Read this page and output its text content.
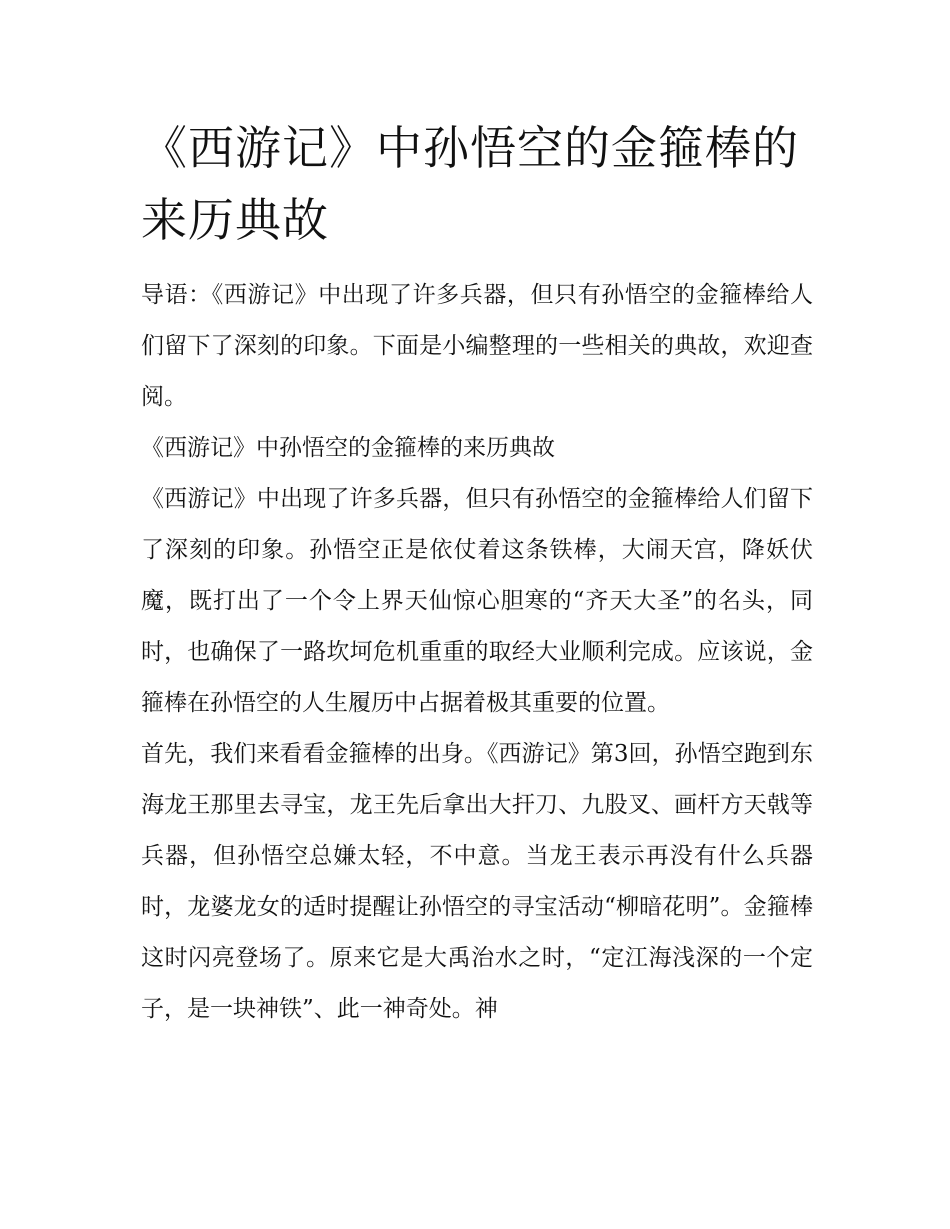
《西游记》中孙悟空的金箍棒的来历典故

导语：《西游记》中出现了许多兵器，但只有孙悟空的金箍棒给人们留下了深刻的印象。下面是小编整理的一些相关的典故，欢迎查阅。

《西游记》中孙悟空的金箍棒的来历典故

《西游记》中出现了许多兵器，但只有孙悟空的金箍棒给人们留下了深刻的印象。孙悟空正是依仗着这条铁棒，大闹天宫，降妖伏魔，既打出了一个令上界天仙惊心胆寒的“齐天大圣”的名头，同时，也确保了一路坎坷危机重重的取经大业顺利完成。应该说，金箍棒在孙悟空的人生履历中占据着极其重要的位置。

首先，我们来看看金箍棒的出身。《西游记》第3回，孙悟空跑到东海龙王那里去寻宝，龙王先后拿出大扞刀、九股叉、画杆方天戟等兵器，但孙悟空总嫌太轻，不中意。当龙王表示再没有什么兵器时，龙婆龙女的适时提醒让孙悟空的寻宝活动“柳暗花明”。金箍棒这时闪亮登场了。原来它是大禹治水之时，“定江海浅深的一个定子，是一块神铁”、此一神奇处。神
